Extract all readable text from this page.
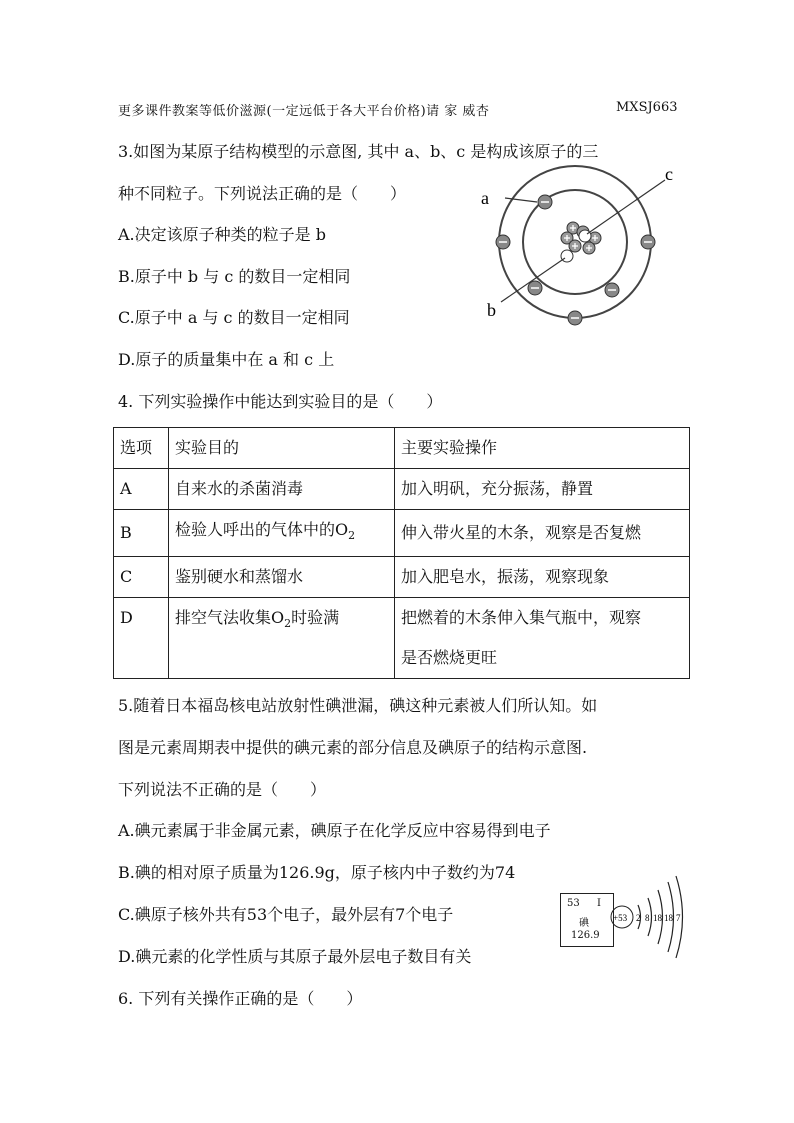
更多课件教案等低价滋源(一定远低于各大平台价格)请 家 威杏	MXSJ663
3.如图为某原子结构模型的示意图, 其中 a、b、c 是构成该原子的三
种不同粒子。下列说法正确的是（　　）
A.决定该原子种类的粒子是 b
B.原子中 b 与 c 的数目一定相同
C.原子中 a 与 c 的数目一定相同
D.原子的质量集中在 a 和 c 上
a
c
b
4. 下列实验操作中能达到实验目的是（　　）
选项	实验目的	主要实验操作
A	自来水的杀菌消毒	加入明矾，充分振荡，静置
B	检验人呼出的气体中的$O_2$	伸入带火星的木条，观察是否复燃
C	鉴别硬水和蒸馏水	加入肥皂水，振荡，观察现象
D	排空气法收集$O_2$时验满	把燃着的木条伸入集气瓶中，观察
是否燃烧更旺
5.随着日本福岛核电站放射性碘泄漏，碘这种元素被人们所认知。如
图是元素周期表中提供的碘元素的部分信息及碘原子的结构示意图.
下列说法不正确的是（　　）
A.碘元素属于非金属元素，碘原子在化学反应中容易得到电子
B.碘的相对原子质量为126.9g，原子核内中子数约为74
C.碘原子核外共有53个电子，最外层有7个电子
D.碘元素的化学性质与其原子最外层电子数目有关
53 I
碘
126.9
+53 2 8 18 18 7
6. 下列有关操作正确的是（　　）
